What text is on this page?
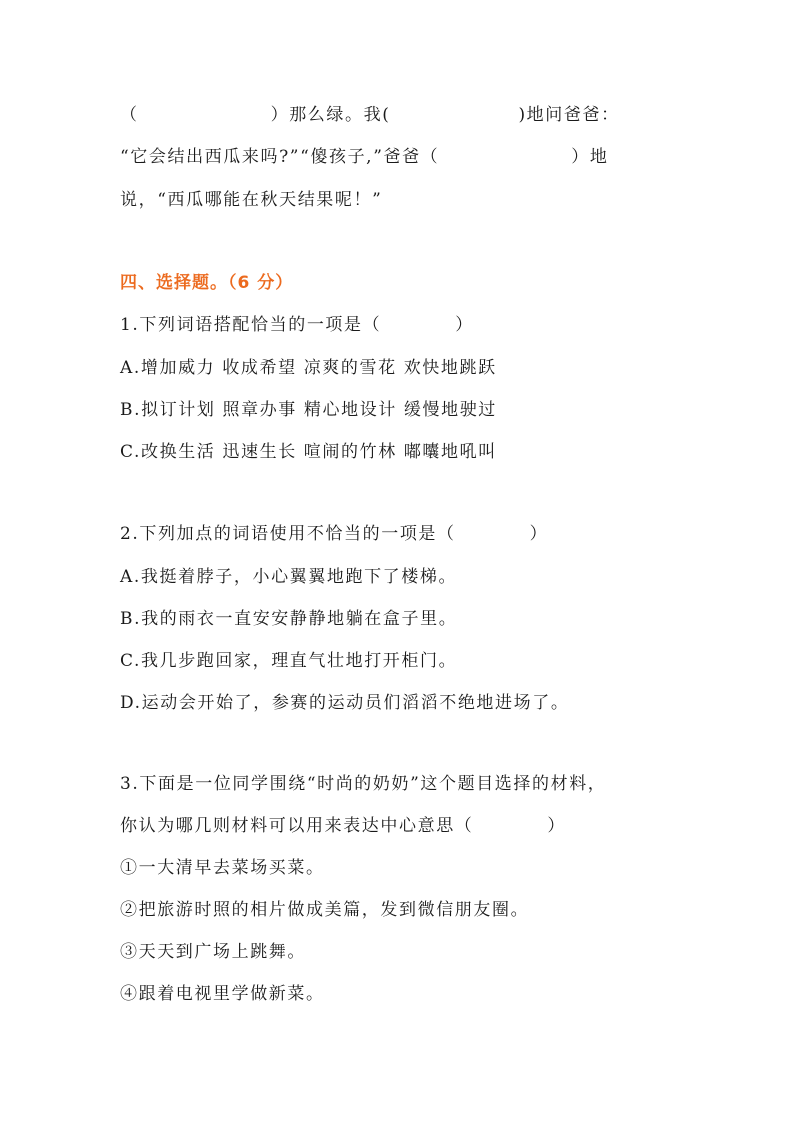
（	）那么绿。我(	)地问爸爸：
“它会结出西瓜来吗?”“傻孩子,”爸爸（	）地
说，“西瓜哪能在秋天结果呢！”
四、选择题。（6 分）
1.下列词语搭配恰当的一项是（	）
A.增加威力 收成希望 凉爽的雪花 欢快地跳跃
B.拟订计划 照章办事 精心地设计 缓慢地驶过
C.改换生活 迅速生长 喧闹的竹林 嘟囔地吼叫
2.下列加点的词语使用不恰当的一项是（	）
A.我挺着脖子，小心翼翼地跑下了楼梯。
B.我的雨衣一直安安静静地躺在盒子里。
C.我几步跑回家，理直气壮地打开柜门。
D.运动会开始了，参赛的运动员们滔滔不绝地进场了。
3.下面是一位同学围绕“时尚的奶奶”这个题目选择的材料，
你认为哪几则材料可以用来表达中心意思（	）
①一大清早去菜场买菜。
②把旅游时照的相片做成美篇，发到微信朋友圈。
③天天到广场上跳舞。
④跟着电视里学做新菜。
